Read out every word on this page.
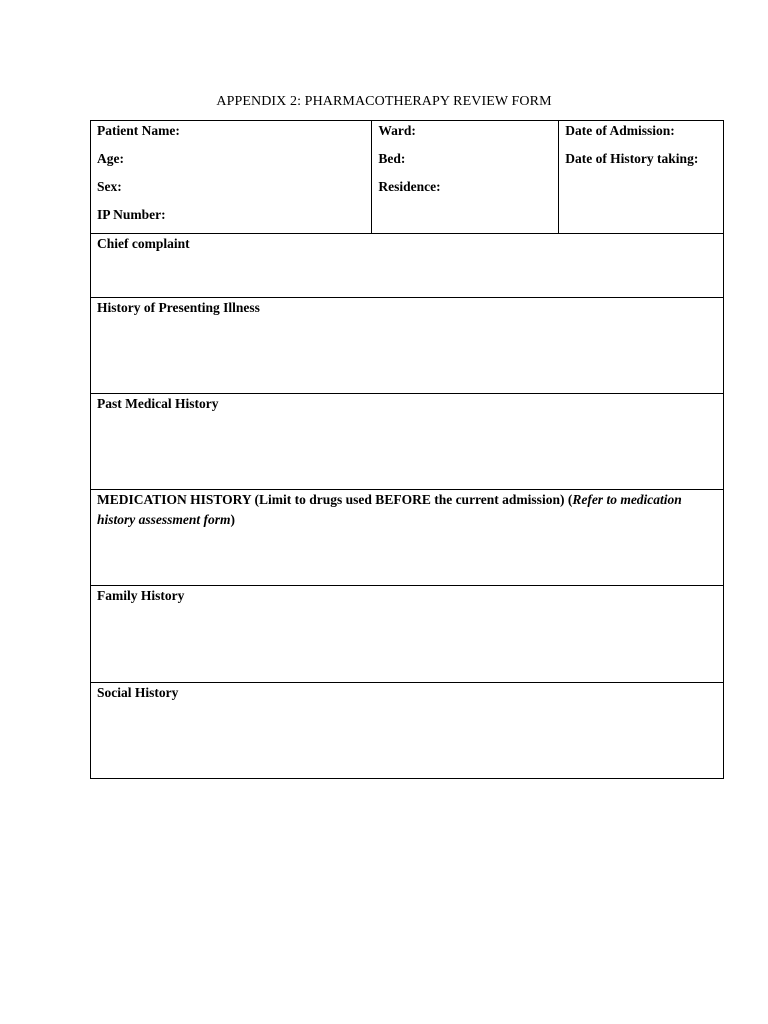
APPENDIX 2: PHARMACOTHERAPY REVIEW FORM
Patient Name:
Age:
Sex:
IP Number:

Ward:
Bed:
Residence:

Date of Admission:
Date of History taking:

Chief complaint
History of Presenting Illness
Past Medical History
MEDICATION HISTORY (Limit to drugs used BEFORE the current admission) (Refer to medication history assessment form)
Family History
Social History
